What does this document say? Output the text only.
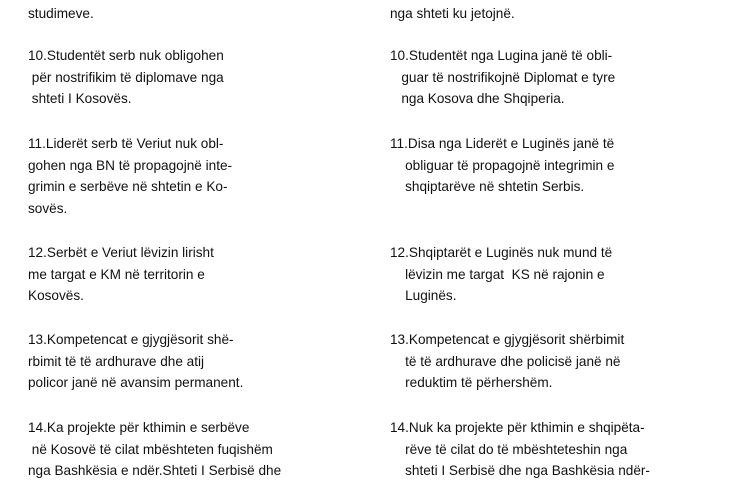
studimeve.
10.Studentët serb nuk obligohen
për nostrifikim të diplomave nga
shteti I Kosovës.
11.Liderët serb të Veriut nuk obl-
gohen nga BN të propagojnë inte-
grimin e serbëve në shtetin e Ko-
sovës.
12.Serbët e Veriut lëvizin lirisht
me targat e KM në territorin e
Kosovës.
13.Kompetencat e gjygjësorit shë-
rbimit të të ardhurave dhe atij
policor janë në avansim permanent.
14.Ka projekte për kthimin e serbëve
në Kosovë të cilat mbështeten fuqishëm
nga Bashkësia e ndër.Shteti I Serbisë dhe
nga shteti ku jetojnë.
10.Studentët nga Lugina janë të obli-
guar të nostrifikojnë Diplomat e tyre
nga Kosova dhe Shqiperia.
11.Disa nga Liderët e Luginës janë të
obliguar të propagojnë integrimin e
shqiptarëve në shtetin Serbis.
12.Shqiptarët e Luginës nuk mund të
lëvizin me targat  KS në rajonin e
Luginës.
13.Kompetencat e gjygjësorit shërbimit
të të ardhurave dhe policisë janë në
reduktim të përhershëm.
14.Nuk ka projekte për kthimin e shqipëta-
rëve të cilat do të mbështeteshin nga
shteti I Serbisë dhe nga Bashkësia ndër-
